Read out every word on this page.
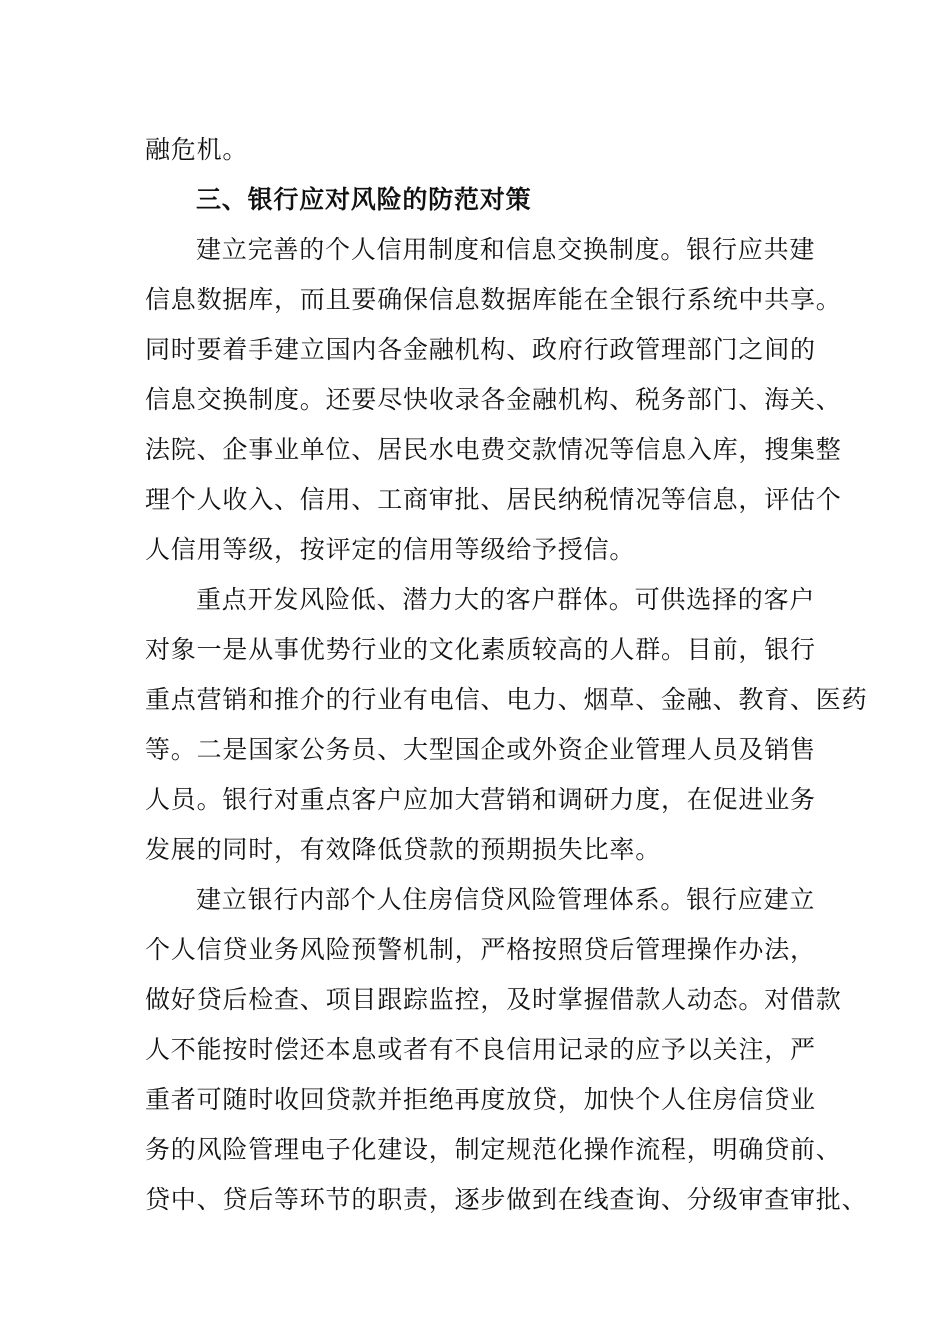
融危机。
三、银行应对风险的防范对策
建立完善的个人信用制度和信息交换制度。银行应共建
信息数据库，而且要确保信息数据库能在全银行系统中共享。
同时要着手建立国内各金融机构、政府行政管理部门之间的
信息交换制度。还要尽快收录各金融机构、税务部门、海关、
法院、企事业单位、居民水电费交款情况等信息入库，搜集整
理个人收入、信用、工商审批、居民纳税情况等信息，评估个
人信用等级，按评定的信用等级给予授信。
重点开发风险低、潜力大的客户群体。可供选择的客户
对象一是从事优势行业的文化素质较高的人群。目前，银行
重点营销和推介的行业有电信、电力、烟草、金融、教育、医药
等。二是国家公务员、大型国企或外资企业管理人员及销售
人员。银行对重点客户应加大营销和调研力度，在促进业务
发展的同时，有效降低贷款的预期损失比率。
建立银行内部个人住房信贷风险管理体系。银行应建立
个人信贷业务风险预警机制，严格按照贷后管理操作办法，
做好贷后检查、项目跟踪监控，及时掌握借款人动态。对借款
人不能按时偿还本息或者有不良信用记录的应予以关注，严
重者可随时收回贷款并拒绝再度放贷，加快个人住房信贷业
务的风险管理电子化建设，制定规范化操作流程，明确贷前、
贷中、贷后等环节的职责，逐步做到在线查询、分级审查审批、
